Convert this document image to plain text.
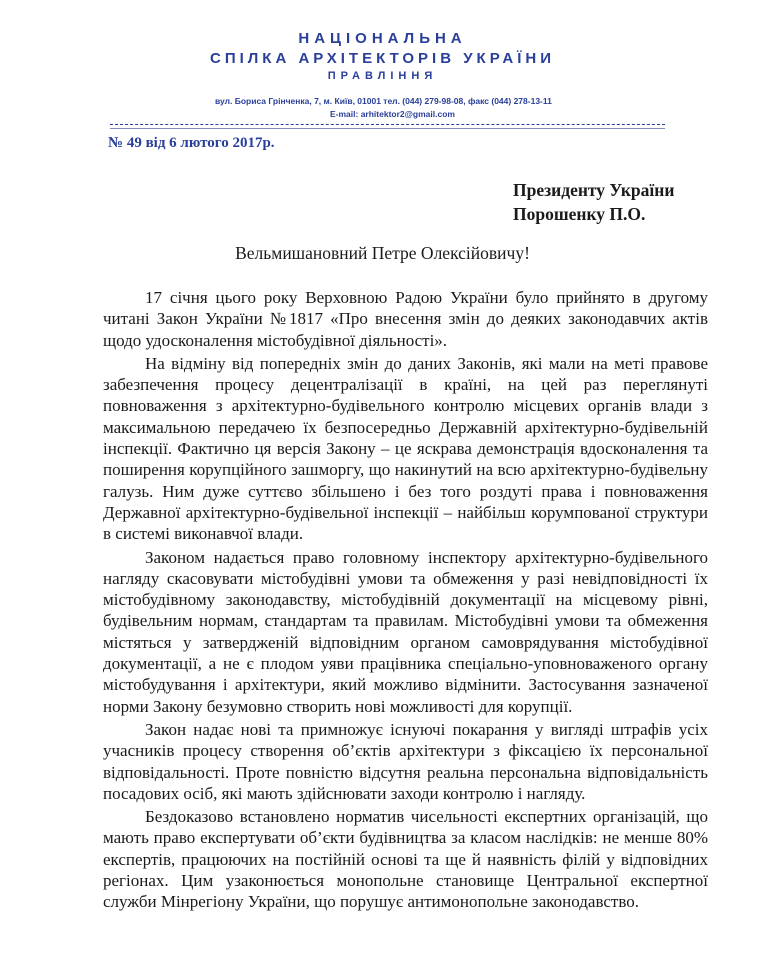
НАЦІОНАЛЬНА
СПІЛКА АРХІТЕКТОРІВ УКРАЇНИ
ПРАВЛІННЯ
вул. Бориса Грінченка, 7, м. Київ, 01001 тел. (044) 279-98-08, факс (044) 278-13-11
E-mail: arhitektor2@gmail.com
№ 49 від 6 лютого 2017р.
Президенту України
Порошенку П.О.
Вельмишановний Петре Олексійовичу!

17 січня цього року Верховною Радою України було прийнято в другому читані Закон України №1817 «Про внесення змін до деяких законодавчих актів щодо удосконалення містобудівної діяльності».

На відміну від попередніх змін до даних Законів, які мали на меті правове забезпечення процесу децентралізації в країні, на цей раз переглянуті повноваження з архітектурно-будівельного контролю місцевих органів влади з максимальною передачею їх безпосередньо Державній архітектурно-будівельній інспекції. Фактично ця версія Закону – це яскрава демонстрація вдосконалення та поширення корупційного зашморгу, що накинутий на всю архітектурно-будівельну галузь. Ним дуже суттєво збільшено і без того роздуті права і повноваження Державної архітектурно-будівельної інспекції – найбільш корумпованої структури в системі виконавчої влади.

Законом надається право головному інспектору архітектурно-будівельного нагляду скасовувати містобудівні умови та обмеження у разі невідповідності їх містобудівному законодавству, містобудівній документації на місцевому рівні, будівельним нормам, стандартам та правилам. Містобудівні умови та обмеження містяться у затвердженій відповідним органом самоврядування містобудівної документації, а не є плодом уяви працівника спеціально-уповноваженого органу містобудування і архітектури, який можливо відмінити. Застосування зазначеної норми Закону безумовно створить нові можливості для корупції.

Закон надає нові та примножує існуючі покарання у вигляді штрафів усіх учасників процесу створення об’єктів архітектури з фіксацією їх персональної відповідальності. Проте повністю відсутня реальна персональна відповідальність посадових осіб, які мають здійснювати заходи контролю і нагляду.

Бездоказово встановлено норматив чисельності експертних організацій, що мають право експертувати об’єкти будівництва за класом наслідків: не менше 80% експертів, працюючих на постійній основі та ще й наявність філій у відповідних регіонах. Цим узаконюється монопольне становище Центральної експертної служби Мінрегіону України, що порушує антимонопольне законодавство.
